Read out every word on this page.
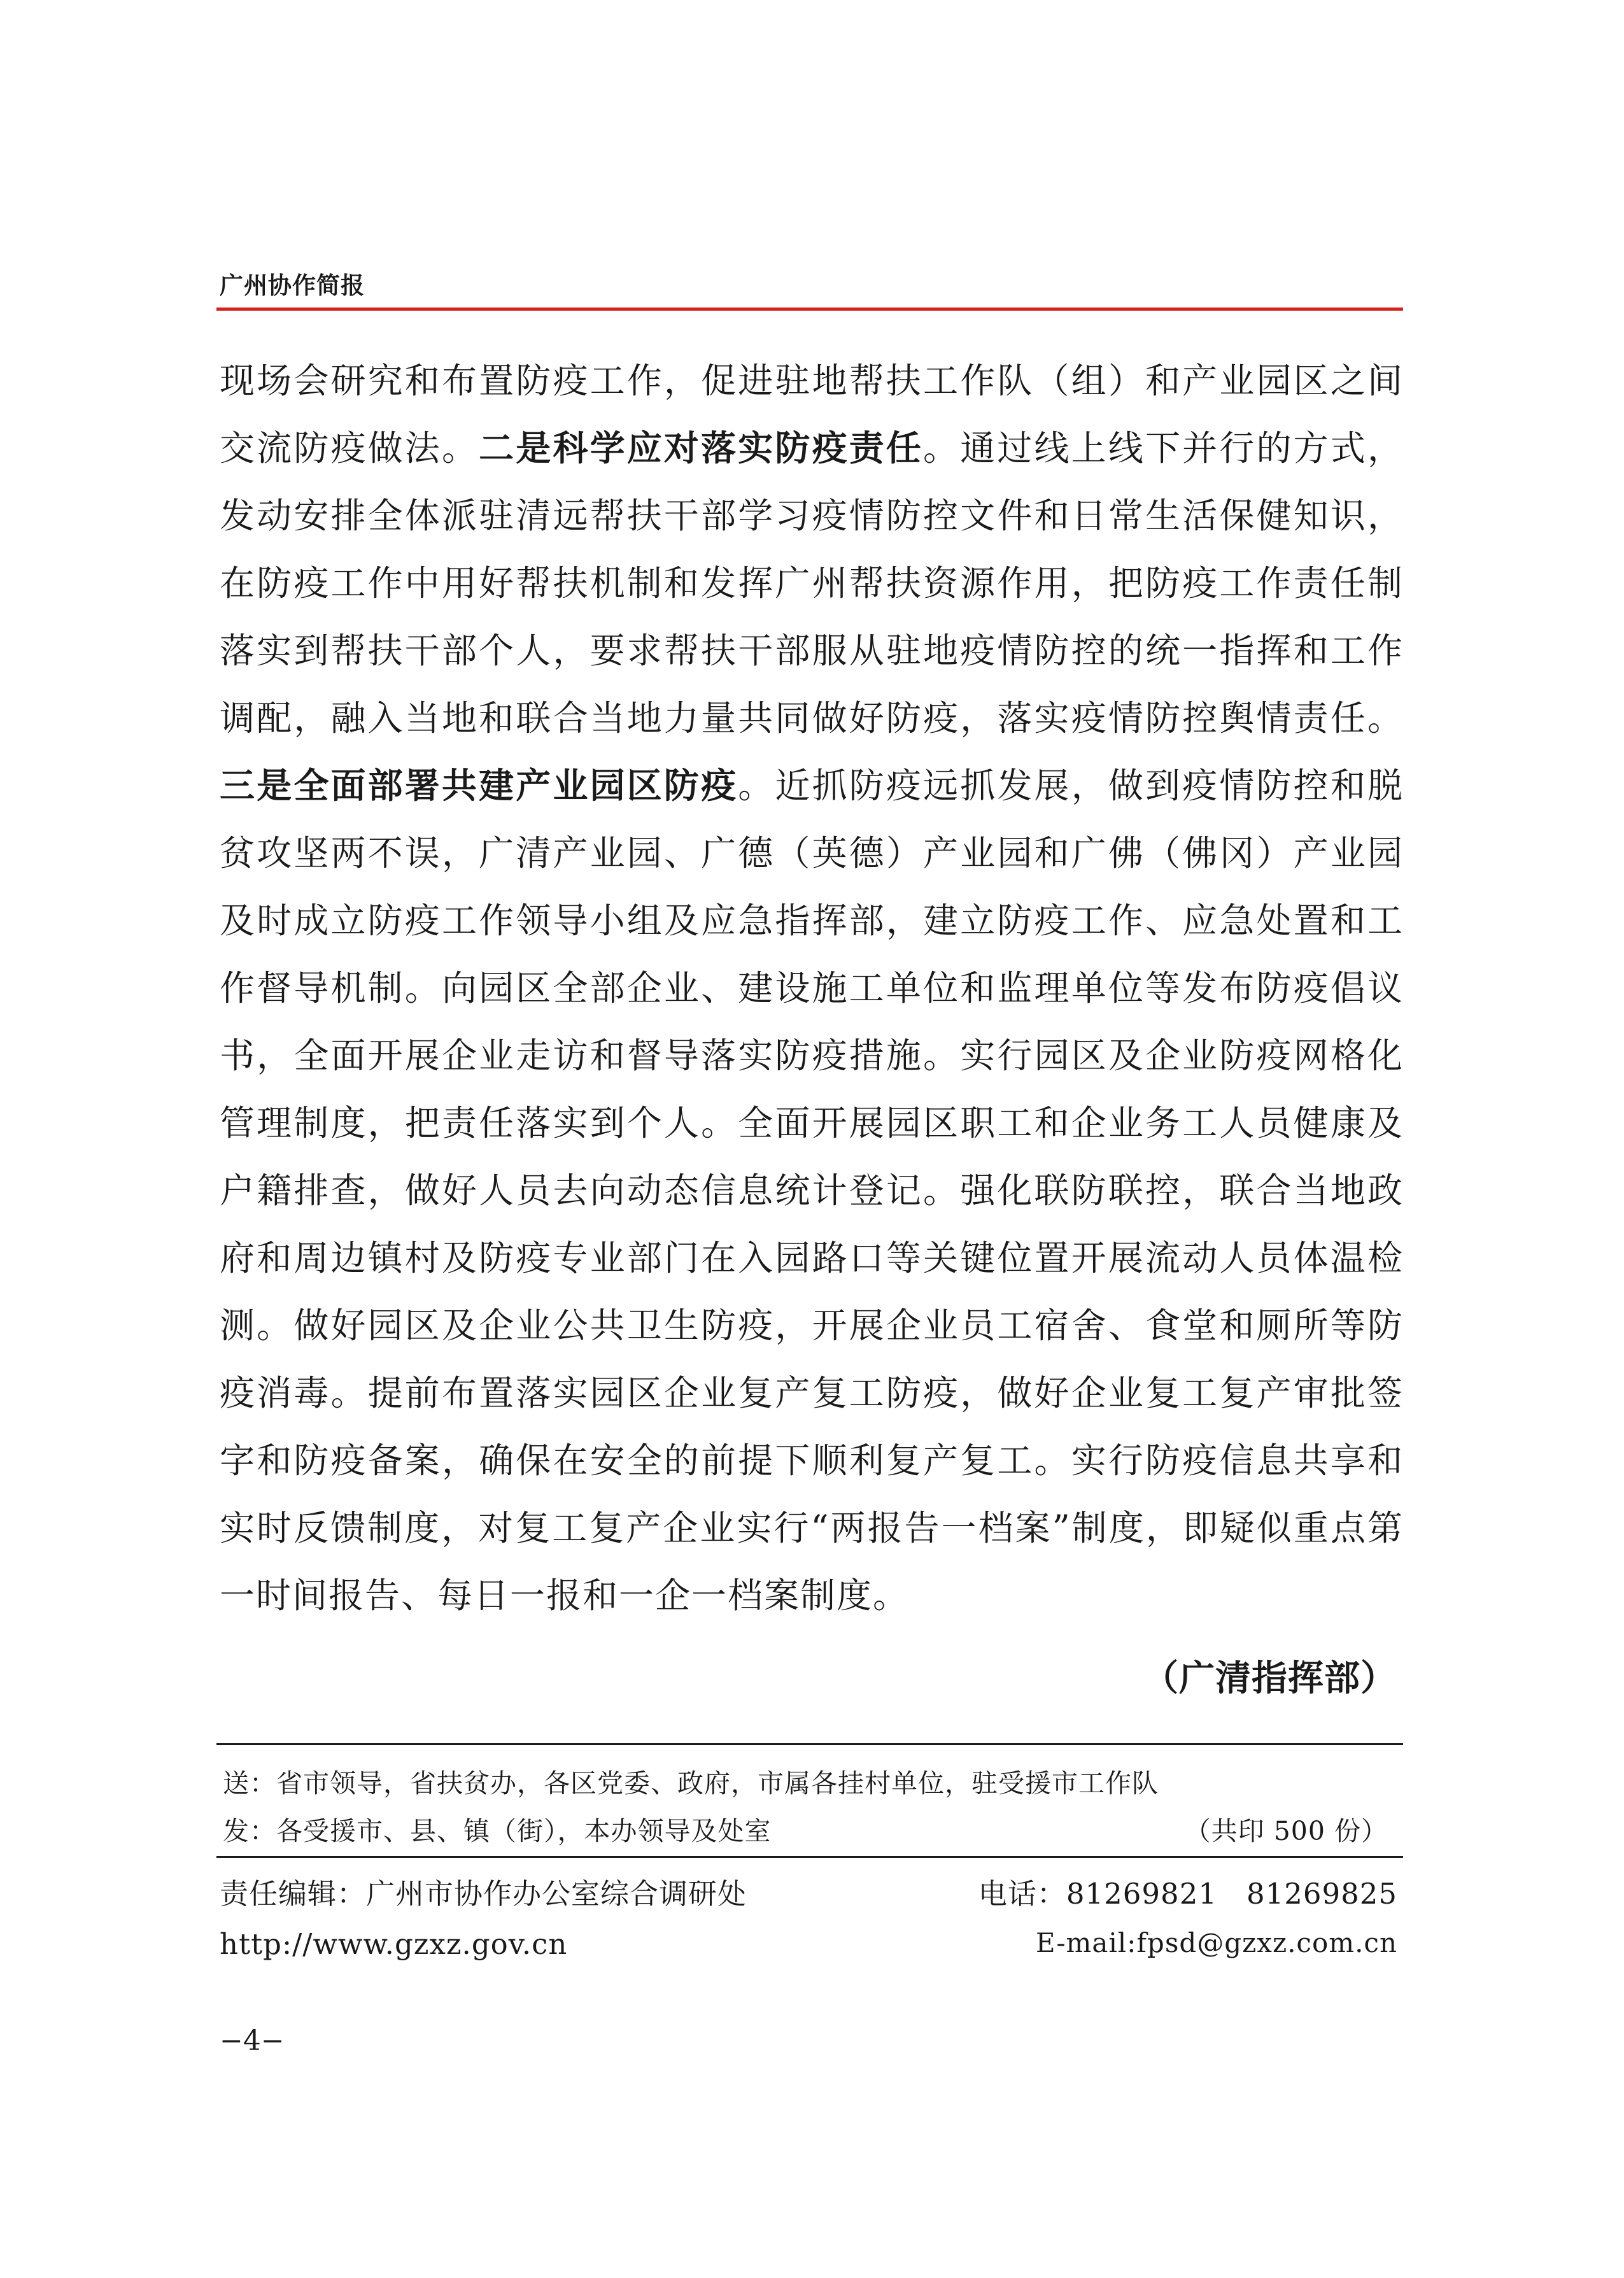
广州协作简报

现场会研究和布置防疫工作，促进驻地帮扶工作队（组）和产业园区之间交流防疫做法。二是科学应对落实防疫责任。通过线上线下并行的方式，发动安排全体派驻清远帮扶干部学习疫情防控文件和日常生活保健知识，在防疫工作中用好帮扶机制和发挥广州帮扶资源作用，把防疫工作责任制落实到帮扶干部个人，要求帮扶干部服从驻地疫情防控的统一指挥和工作调配，融入当地和联合当地力量共同做好防疫，落实疫情防控舆情责任。三是全面部署共建产业园区防疫。近抓防疫远抓发展，做到疫情防控和脱贫攻坚两不误，广清产业园、广德（英德）产业园和广佛（佛冈）产业园及时成立防疫工作领导小组及应急指挥部，建立防疫工作、应急处置和工作督导机制。向园区全部企业、建设施工单位和监理单位等发布防疫倡议书，全面开展企业走访和督导落实防疫措施。实行园区及企业防疫网格化管理制度，把责任落实到个人。全面开展园区职工和企业务工人员健康及户籍排查，做好人员去向动态信息统计登记。强化联防联控，联合当地政府和周边镇村及防疫专业部门在入园路口等关键位置开展流动人员体温检测。做好园区及企业公共卫生防疫，开展企业员工宿舍、食堂和厕所等防疫消毒。提前布置落实园区企业复产复工防疫，做好企业复工复产审批签字和防疫备案，确保在安全的前提下顺利复产复工。实行防疫信息共享和实时反馈制度，对复工复产企业实行“两报告一档案”制度，即疑似重点第一时间报告、每日一报和一企一档案制度。

（广清指挥部）
送：省市领导，省扶贫办，各区党委、政府，市属各挂村单位，驻受援市工作队
发：各受援市、县、镇（街），本办领导及处室	（共印 500 份）
责任编辑：广州市协作办公室综合调研处	电话：81269821　81269825
http://www.gzxz.gov.cn	E-mail:fpsd@gzxz.com.cn
−4−
